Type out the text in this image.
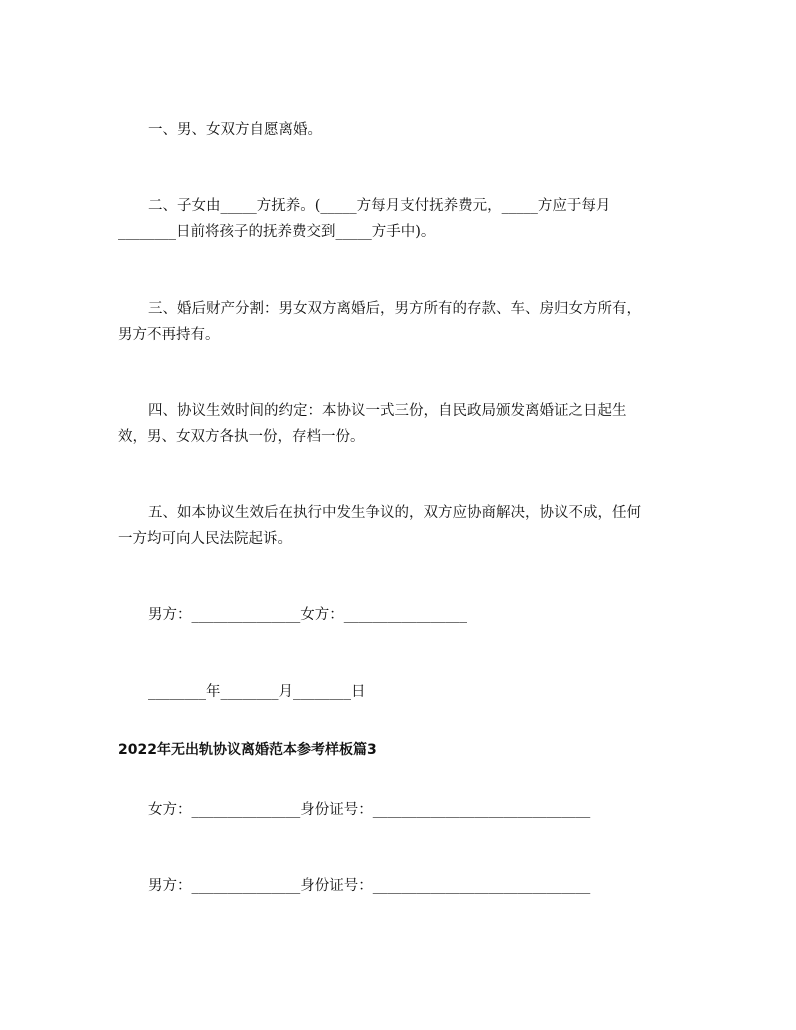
一、男、女双方自愿离婚。

二、子女由_____方抚养。(_____方每月支付抚养费元，_____方应于每月

________日前将孩子的抚养费交到_____方手中)。

三、婚后财产分割：男女双方离婚后，男方所有的存款、车、房归女方所有，

男方不再持有。

四、协议生效时间的约定：本协议一式三份，自民政局颁发离婚证之日起生

效，男、女双方各执一份，存档一份。

五、如本协议生效后在执行中发生争议的，双方应协商解决，协议不成，任何

一方均可向人民法院起诉。

男方：_______________女方：_________________

________年________月________日

2022年无出轨协议离婚范本参考样板篇3

女方：_______________身份证号：______________________________

男方：_______________身份证号：______________________________
